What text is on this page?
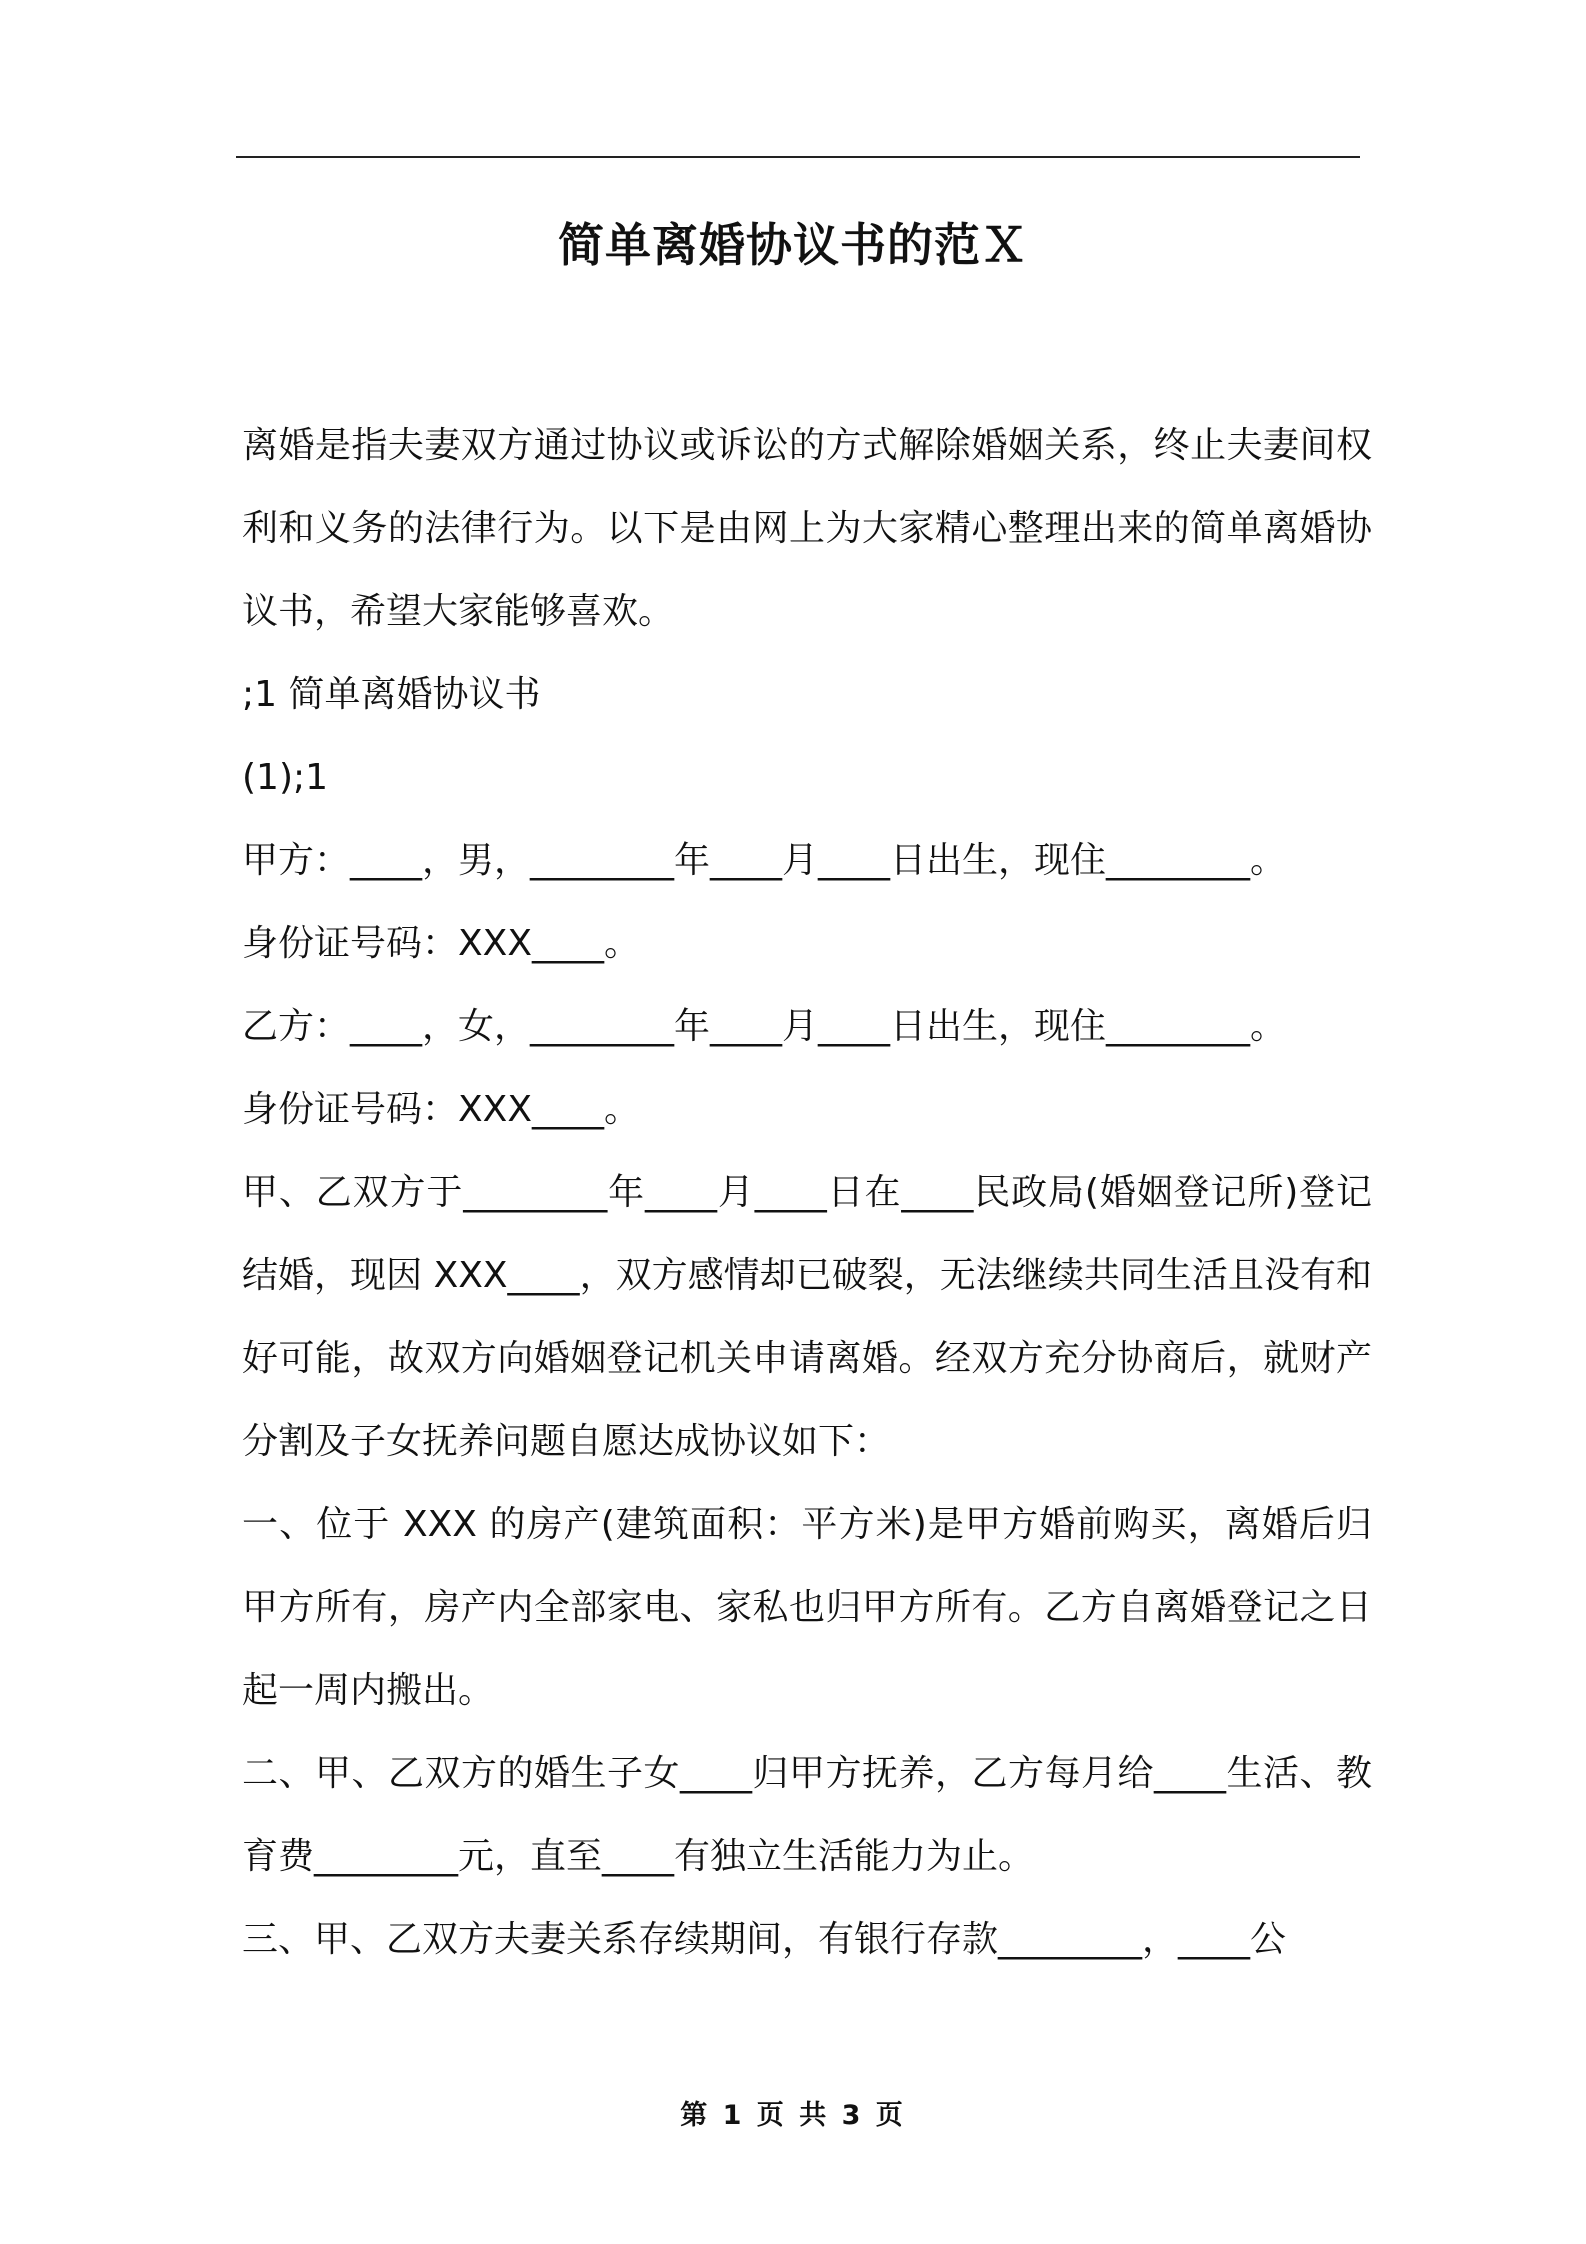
简单离婚协议书的范Ｘ

离婚是指夫妻双方通过协议或诉讼的方式解除婚姻关系，终止夫妻间权利和义务的法律行为。以下是由网上为大家精心整理出来的简单离婚协议书，希望大家能够喜欢。

;1 简单离婚协议书

(1);1

甲方：____，男，________年____月____日出生，现住________。

身份证号码：XXX____。

乙方：____，女，________年____月____日出生，现住________。

身份证号码：XXX____。

甲、乙双方于________年____月____日在____民政局(婚姻登记所)登记结婚，现因 XXX____，双方感情却已破裂，无法继续共同生活且没有和好可能，故双方向婚姻登记机关申请离婚。经双方充分协商后，就财产分割及子女抚养问题自愿达成协议如下：

一、位于 XXX 的房产(建筑面积：平方米)是甲方婚前购买，离婚后归甲方所有，房产内全部家电、家私也归甲方所有。乙方自离婚登记之日起一周内搬出。

二、甲、乙双方的婚生子女____归甲方抚养，乙方每月给____生活、教育费________元，直至____有独立生活能力为止。

三、甲、乙双方夫妻关系存续期间，有银行存款________，____公

第 1 页 共 3 页
